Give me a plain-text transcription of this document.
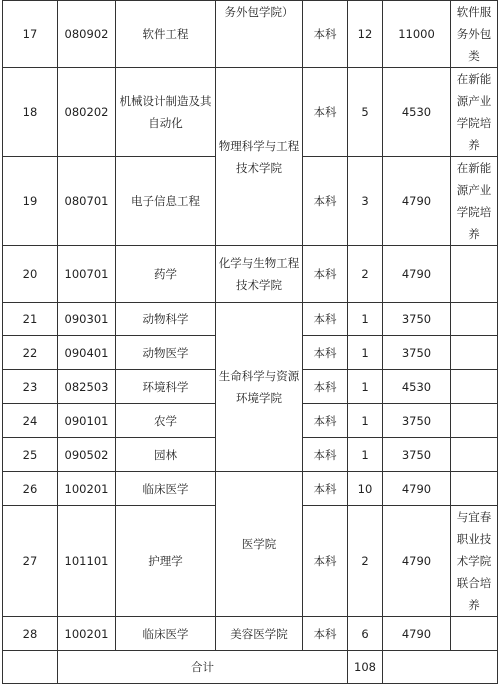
17	080902	软件工程	务外包学院）	本科	12	11000	软件服务外包类
18	080202	机械设计制造及其自动化	物理科学与工程技术学院	本科	5	4530	在新能源产业学院培养
19	080701	电子信息工程		本科	3	4790	在新能源产业学院培养
20	100701	药学	化学与生物工程技术学院	本科	2	4790	
21	090301	动物科学	生命科学与资源环境学院	本科	1	3750	
22	090401	动物医学		本科	1	3750	
23	082503	环境科学		本科	1	4530	
24	090101	农学		本科	1	3750	
25	090502	园林		本科	1	3750	
26	100201	临床医学	医学院	本科	10	4790	
27	101101	护理学		本科	2	4790	与宜春职业技术学院联合培养
28	100201	临床医学	美容医学院	本科	6	4790	
	合计				108		
